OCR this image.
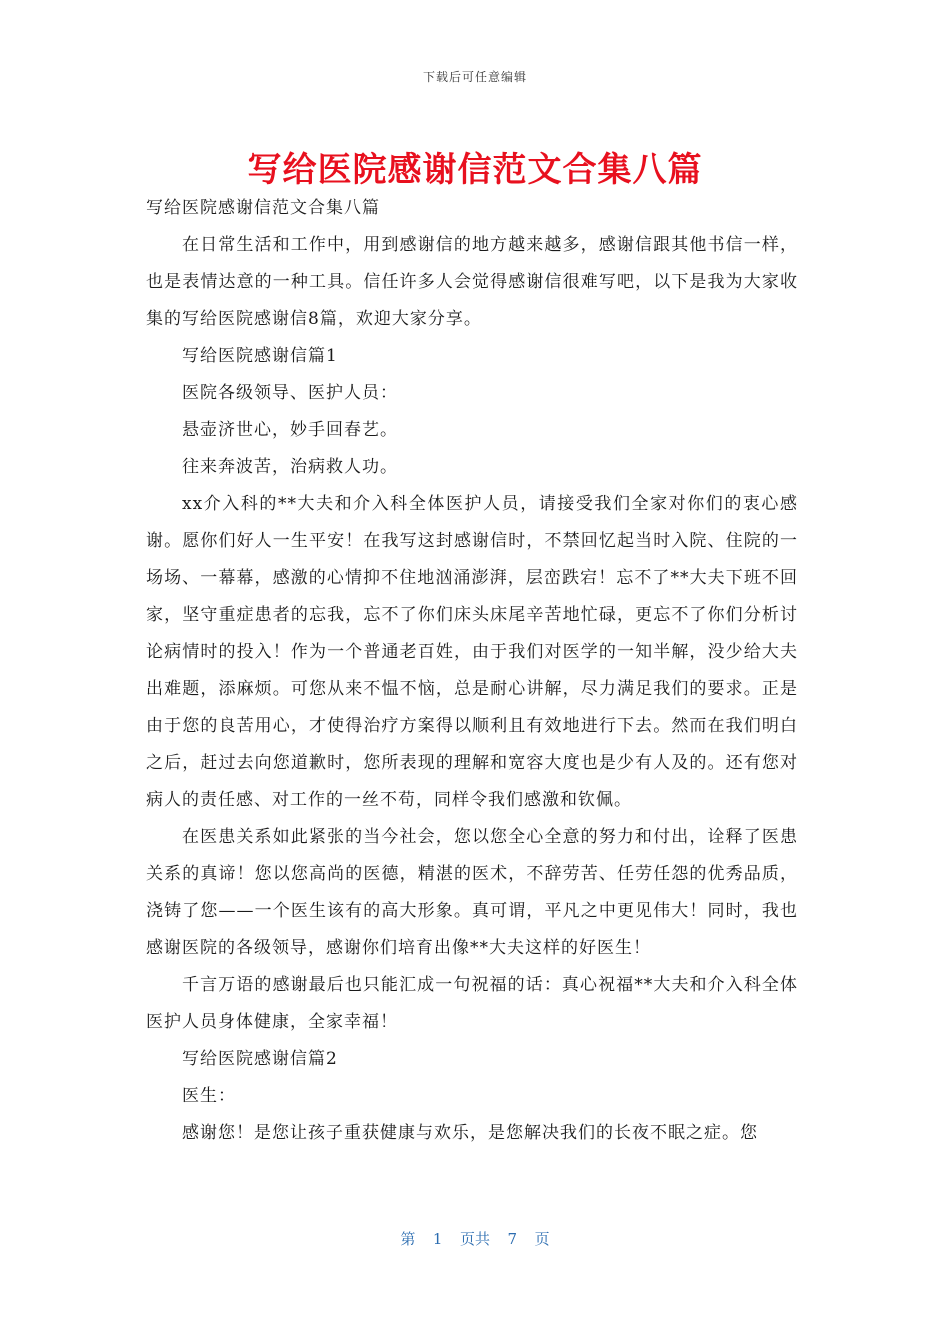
下载后可任意编辑
写给医院感谢信范文合集八篇

写给医院感谢信范文合集八篇

在日常生活和工作中，用到感谢信的地方越来越多，感谢信跟其他书信一样，也是表情达意的一种工具。信任许多人会觉得感谢信很难写吧，以下是我为大家收集的写给医院感谢信8篇，欢迎大家分享。

写给医院感谢信篇1

医院各级领导、医护人员：

悬壶济世心，妙手回春艺。

往来奔波苦，治病救人功。

xx介入科的**大夫和介入科全体医护人员，请接受我们全家对你们的衷心感谢。愿你们好人一生平安！在我写这封感谢信时，不禁回忆起当时入院、住院的一场场、一幕幕，感激的心情抑不住地汹涌澎湃，层峦跌宕！忘不了**大夫下班不回家，坚守重症患者的忘我，忘不了你们床头床尾辛苦地忙碌，更忘不了你们分析讨论病情时的投入！作为一个普通老百姓，由于我们对医学的一知半解，没少给大夫出难题，添麻烦。可您从来不愠不恼，总是耐心讲解，尽力满足我们的要求。正是由于您的良苦用心，才使得治疗方案得以顺利且有效地进行下去。然而在我们明白之后，赶过去向您道歉时，您所表现的理解和宽容大度也是少有人及的。还有您对病人的责任感、对工作的一丝不苟，同样令我们感激和钦佩。

在医患关系如此紧张的当今社会，您以您全心全意的努力和付出，诠释了医患关系的真谛！您以您高尚的医德，精湛的医术，不辞劳苦、任劳任怨的优秀品质，浇铸了您——一个医生该有的高大形象。真可谓，平凡之中更见伟大！同时，我也感谢医院的各级领导，感谢你们培育出像**大夫这样的好医生！

千言万语的感谢最后也只能汇成一句祝福的话：真心祝福**大夫和介入科全体医护人员身体健康，全家幸福！

写给医院感谢信篇2

医生：

感谢您！是您让孩子重获健康与欢乐，是您解决我们的长夜不眠之症。您

第  1  页共  7  页
